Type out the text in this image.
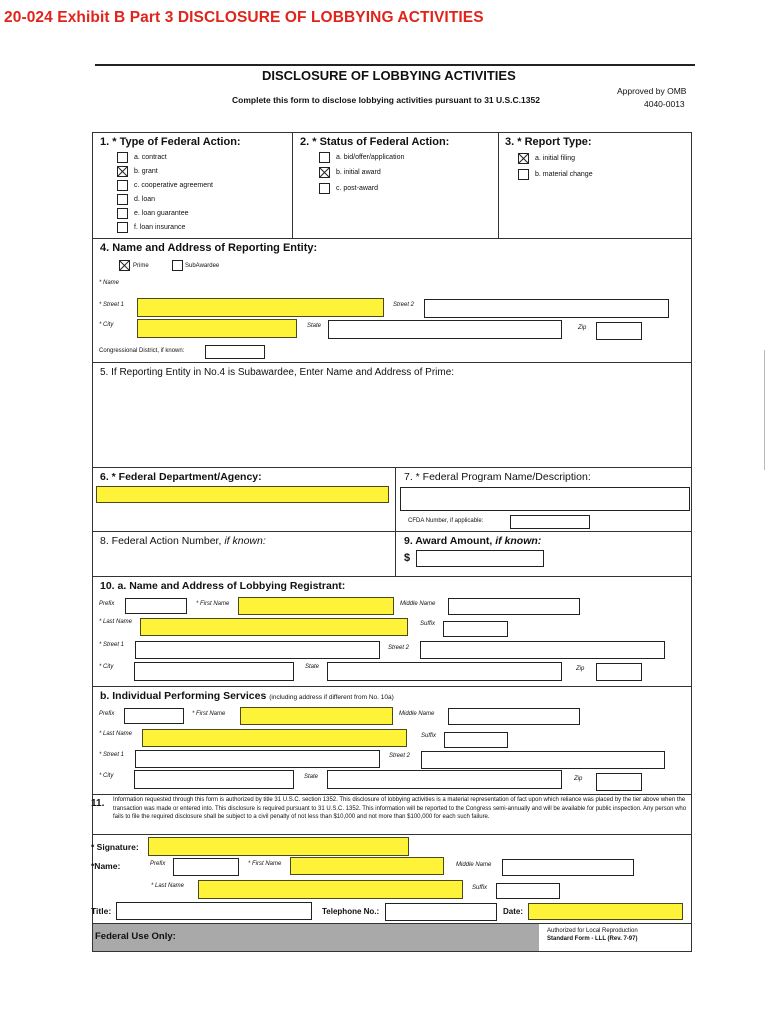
20-024 Exhibit B Part 3 DISCLOSURE OF LOBBYING ACTIVITIES
DISCLOSURE OF LOBBYING ACTIVITIES
Complete this form to disclose lobbying activities pursuant to 31 U.S.C.1352
Approved by OMB
4040-0013
1. * Type of Federal Action:
a. contract
b. grant
c. cooperative agreement
d. loan
e. loan guarantee
f. loan insurance
2. * Status of Federal Action:
a. bid/offer/application
b. initial award
c. post-award
3. * Report Type:
a. initial filing
b. material change
4. Name and Address of Reporting Entity:
Prime	SubAwardee
* Name
* Street 1	Street 2
* City	State	Zip
Congressional District, if known:
5. If Reporting Entity in No.4 is Subawardee, Enter Name and Address of Prime:
6. * Federal Department/Agency:	7. * Federal Program Name/Description:
CFDA Number, if applicable:
8. Federal Action Number, if known:	9. Award Amount, if known:
$
10. a. Name and Address of Lobbying Registrant:
Prefix	* First Name	Middle Name
* Last Name	Suffix
* Street 1	Street 2
* City	State	Zip
b. Individual Performing Services (including address if different from No. 10a)
Prefix	* First Name	Middle Name
* Last Name	Suffix
* Street 1	Street 2
* City	State	Zip
11. Information requested through this form is authorized by title 31 U.S.C. section 1352. This disclosure of lobbying activities is a material representation of fact upon which reliance was placed by the tier above when the transaction was made or entered into. This disclosure is required pursuant to 31 U.S.C. 1352. This information will be reported to the Congress semi-annually and will be available for public inspection. Any person who fails to file the required disclosure shall be subject to a civil penalty of not less than $10,000 and not more than $100,000 for each such failure.
* Signature:
*Name:	Prefix	* First Name	Middle Name
* Last Name	Suffix
Title:	Telephone No.:	Date:
Federal Use Only:	Authorized for Local Reproduction
Standard Form - LLL (Rev. 7-97)
